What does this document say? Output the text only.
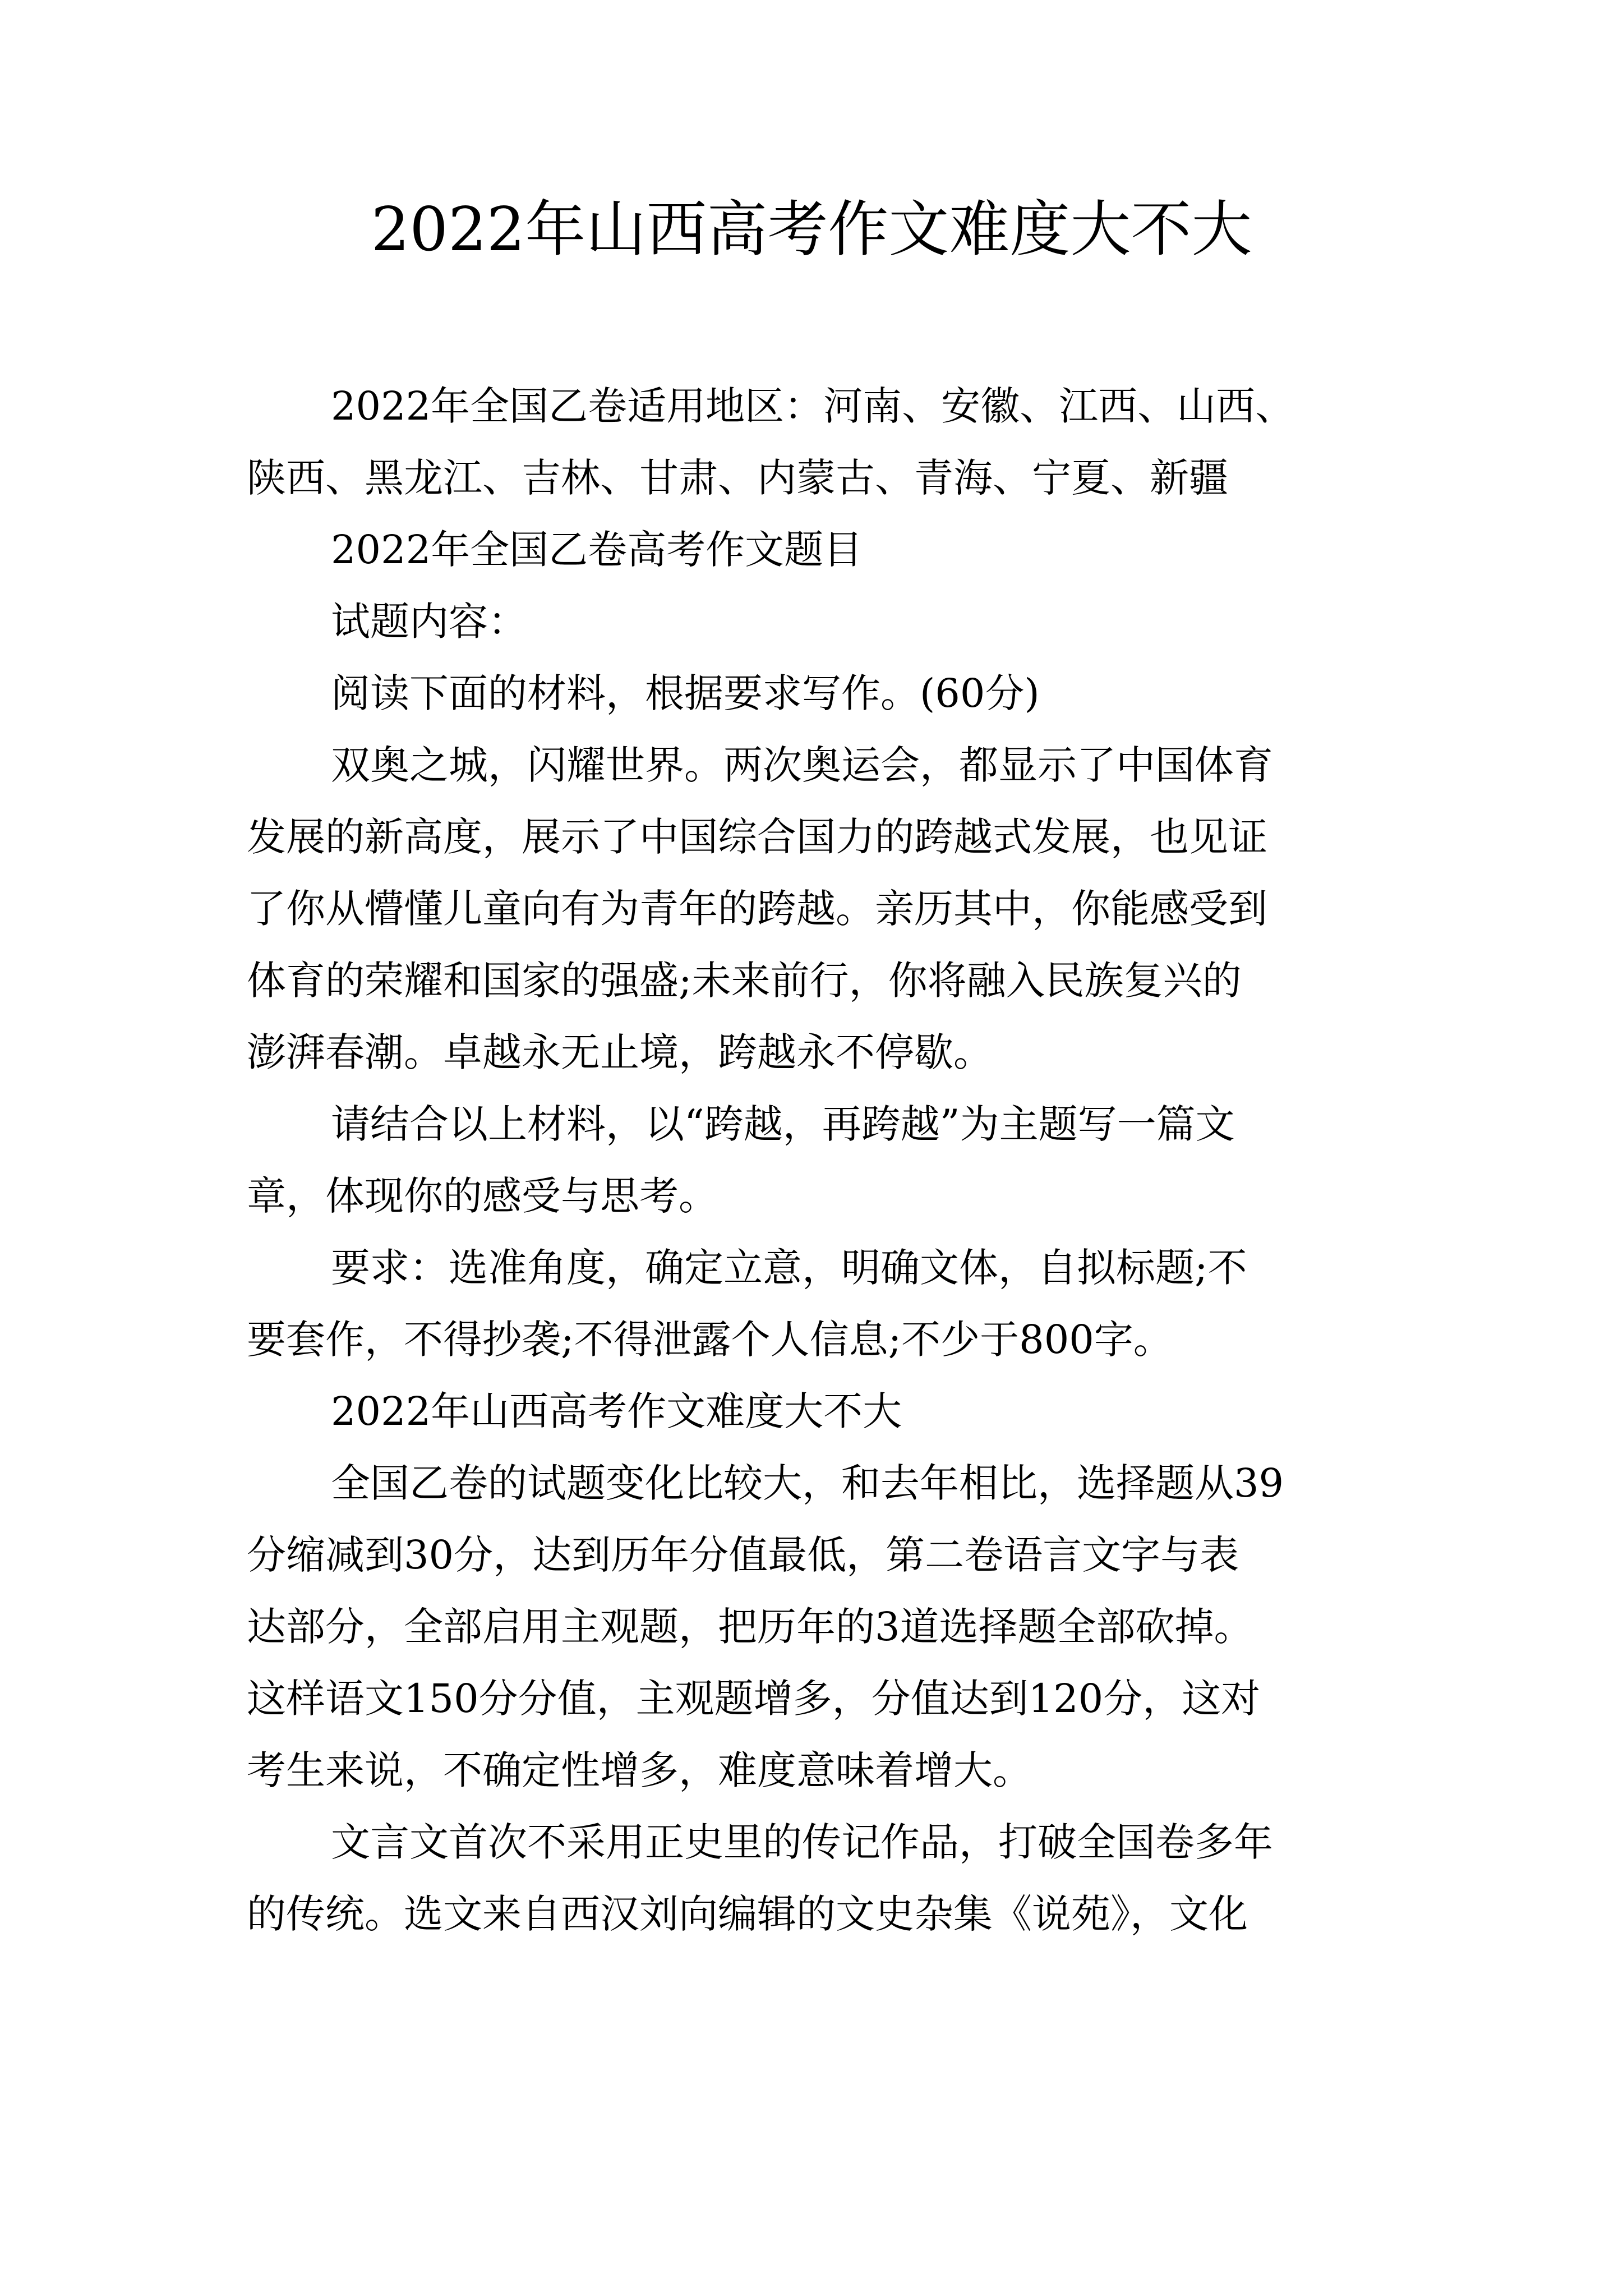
2022年山西高考作文难度大不大

2022年全国乙卷适用地区：河南、安徽、江西、山西、
陕西、黑龙江、吉林、甘肃、内蒙古、青海、宁夏、新疆

2022年全国乙卷高考作文题目

试题内容：

阅读下面的材料，根据要求写作。(60分)

双奥之城，闪耀世界。两次奥运会，都显示了中国体育
发展的新高度，展示了中国综合国力的跨越式发展，也见证
了你从懵懂儿童向有为青年的跨越。亲历其中，你能感受到
体育的荣耀和国家的强盛;未来前行，你将融入民族复兴的
澎湃春潮。卓越永无止境，跨越永不停歇。

请结合以上材料，以“跨越，再跨越”为主题写一篇文
章，体现你的感受与思考。

要求：选准角度，确定立意，明确文体，自拟标题;不
要套作，不得抄袭;不得泄露个人信息;不少于800字。

2022年山西高考作文难度大不大

全国乙卷的试题变化比较大，和去年相比，选择题从39
分缩减到30分，达到历年分值最低，第二卷语言文字与表
达部分，全部启用主观题，把历年的3道选择题全部砍掉。
这样语文150分分值，主观题增多，分值达到120分，这对
考生来说，不确定性增多，难度意味着增大。

文言文首次不采用正史里的传记作品，打破全国卷多年
的传统。选文来自西汉刘向编辑的文史杂集《说苑》，文化
